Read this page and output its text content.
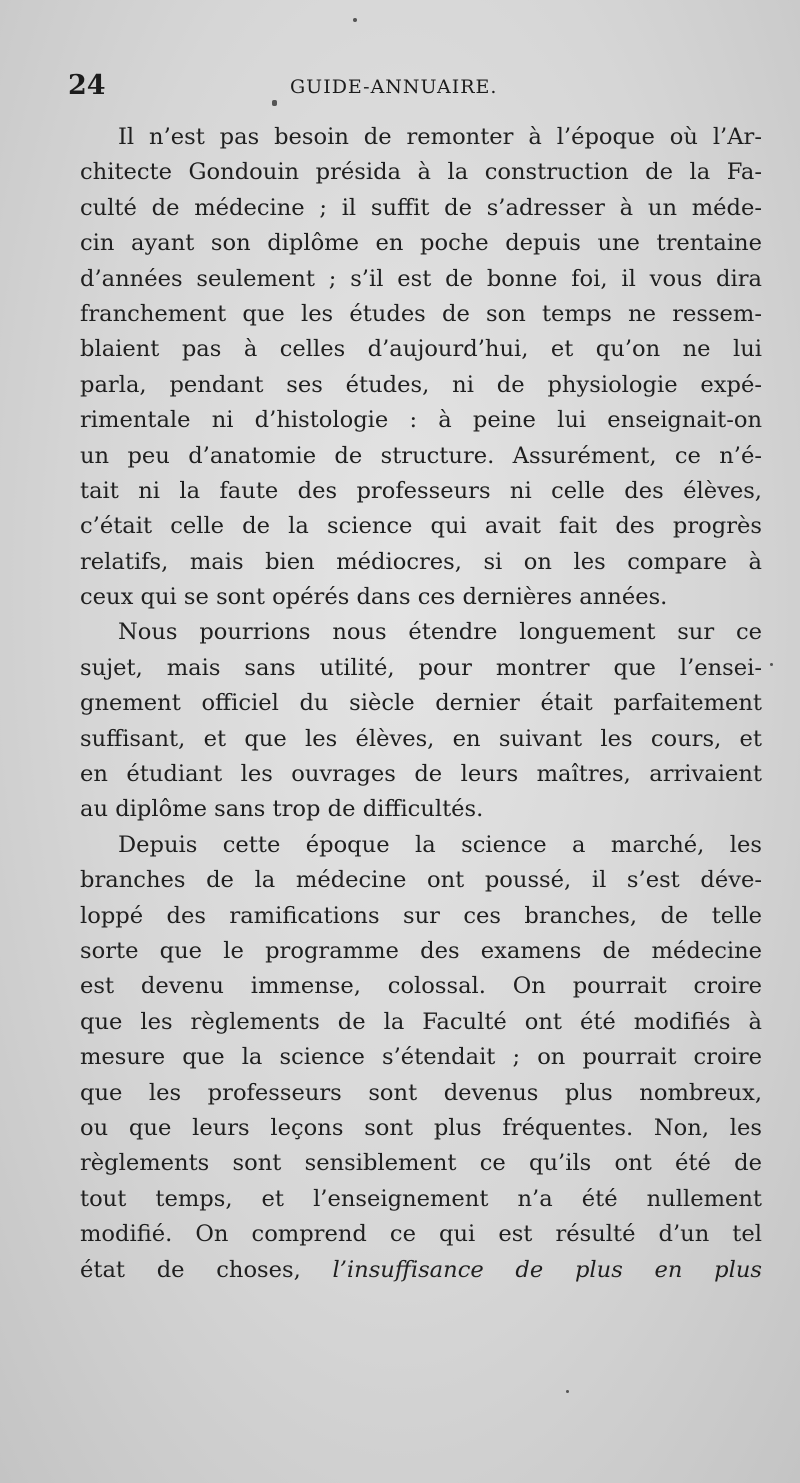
24	GUIDE-ANNUAIRE.
Il n’est pas besoin de remonter à l’époque où l’Ar-
chitecte Gondouin présida à la construction de la Fa-
culté de médecine ; il suffit de s’adresser à un méde-
cin ayant son diplôme en poche depuis une trentaine
d’années seulement ; s’il est de bonne foi, il vous dira
franchement que les études de son temps ne ressem-
blaient pas à celles d’aujourd’hui, et qu’on ne lui
parla, pendant ses études, ni de physiologie expé-
rimentale ni d’histologie : à peine lui enseignait-on
un peu d’anatomie de structure. Assurément, ce n’é-
tait ni la faute des professeurs ni celle des élèves,
c’était celle de la science qui avait fait des progrès
relatifs, mais bien médiocres, si on les compare à
ceux qui se sont opérés dans ces dernières années.
Nous pourrions nous étendre longuement sur ce
sujet, mais sans utilité, pour montrer que l’ensei-
gnement officiel du siècle dernier était parfaitement
suffisant, et que les élèves, en suivant les cours, et
en étudiant les ouvrages de leurs maîtres, arrivaient
au diplôme sans trop de difficultés.
Depuis cette époque la science a marché, les
branches de la médecine ont poussé, il s’est déve-
loppé des ramifications sur ces branches, de telle
sorte que le programme des examens de médecine
est devenu immense, colossal. On pourrait croire
que les règlements de la Faculté ont été modifiés à
mesure que la science s’étendait ; on pourrait croire
que les professeurs sont devenus plus nombreux,
ou que leurs leçons sont plus fréquentes. Non, les
règlements sont sensiblement ce qu’ils ont été de
tout temps, et l’enseignement n’a été nullement
modifié. On comprend ce qui est résulté d’un tel
état de choses, l’insuffisance de plus en plus
